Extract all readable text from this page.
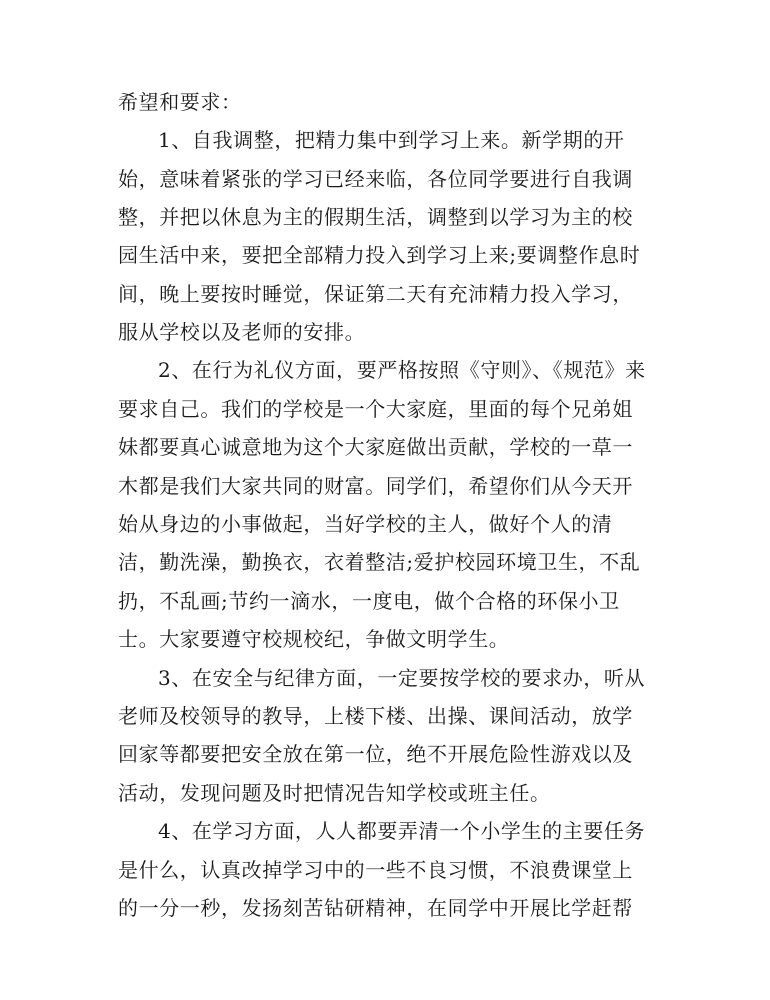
希望和要求：
1、自我调整，把精力集中到学习上来。新学期的开
始，意味着紧张的学习已经来临，各位同学要进行自我调
整，并把以休息为主的假期生活，调整到以学习为主的校
园生活中来，要把全部精力投入到学习上来;要调整作息时
间，晚上要按时睡觉，保证第二天有充沛精力投入学习，
服从学校以及老师的安排。
2、在行为礼仪方面，要严格按照《守则》、《规范》来
要求自己。我们的学校是一个大家庭，里面的每个兄弟姐
妹都要真心诚意地为这个大家庭做出贡献，学校的一草一
木都是我们大家共同的财富。同学们，希望你们从今天开
始从身边的小事做起，当好学校的主人，做好个人的清
洁，勤洗澡，勤换衣，衣着整洁;爱护校园环境卫生，不乱
扔，不乱画;节约一滴水，一度电，做个合格的环保小卫
士。大家要遵守校规校纪，争做文明学生。
3、在安全与纪律方面，一定要按学校的要求办，听从
老师及校领导的教导，上楼下楼、出操、课间活动，放学
回家等都要把安全放在第一位，绝不开展危险性游戏以及
活动，发现问题及时把情况告知学校或班主任。
4、在学习方面，人人都要弄清一个小学生的主要任务
是什么，认真改掉学习中的一些不良习惯，不浪费课堂上
的一分一秒，发扬刻苦钻研精神，在同学中开展比学赶帮
